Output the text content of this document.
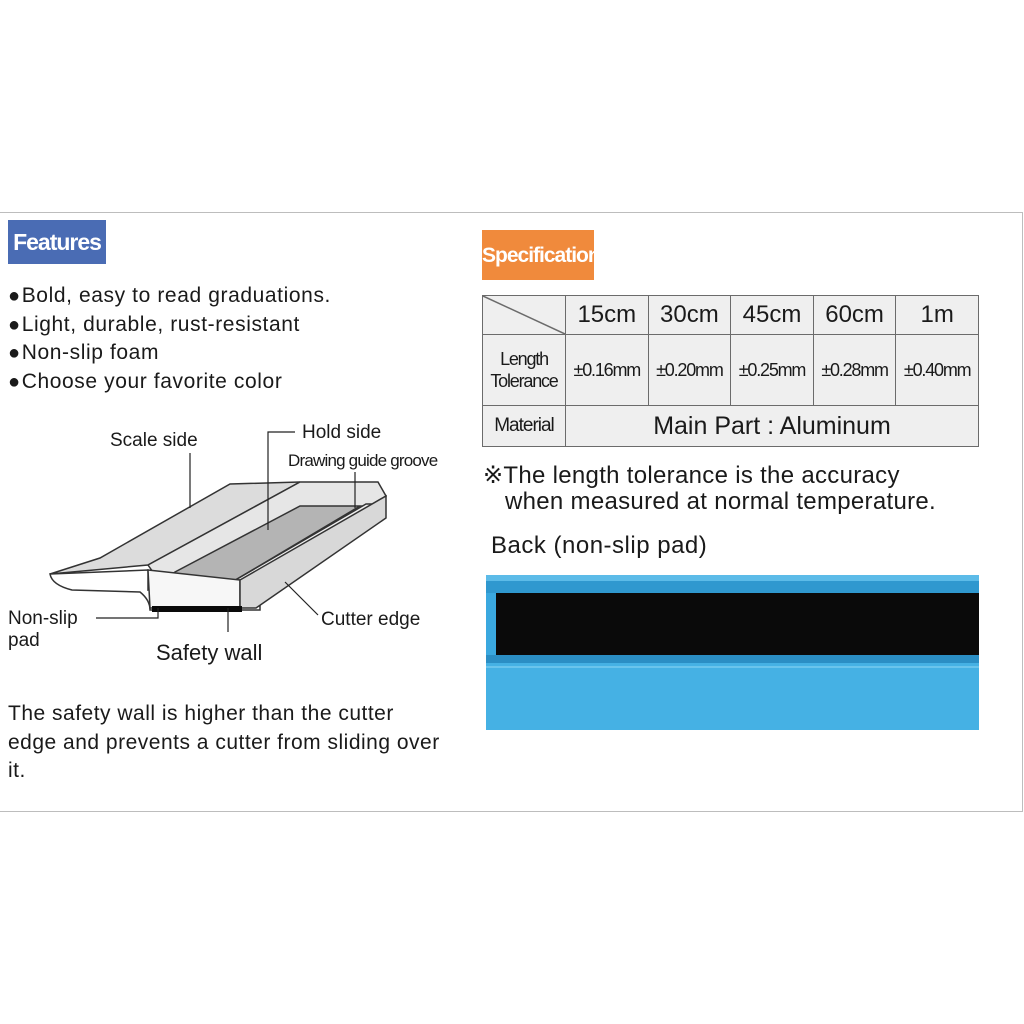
Features
●Bold, easy to read graduations.
●Light, durable, rust-resistant
●Non-slip foam
●Choose your favorite color
Scale side	Hold side
Drawing guide groove
Non-slip
pad
Cutter edge
Safety wall
The safety wall is higher than the cutter edge and prevents a cutter from sliding over it.
Specifications
	15cm	30cm	45cm	60cm	1m

Length
Tolerance	±0.16mm	±0.20mm	±0.25mm	±0.28mm	±0.40mm
Material	Main Part : Aluminum				
※The length tolerance is the accuracy
when measured at normal temperature.
Back (non-slip pad)
